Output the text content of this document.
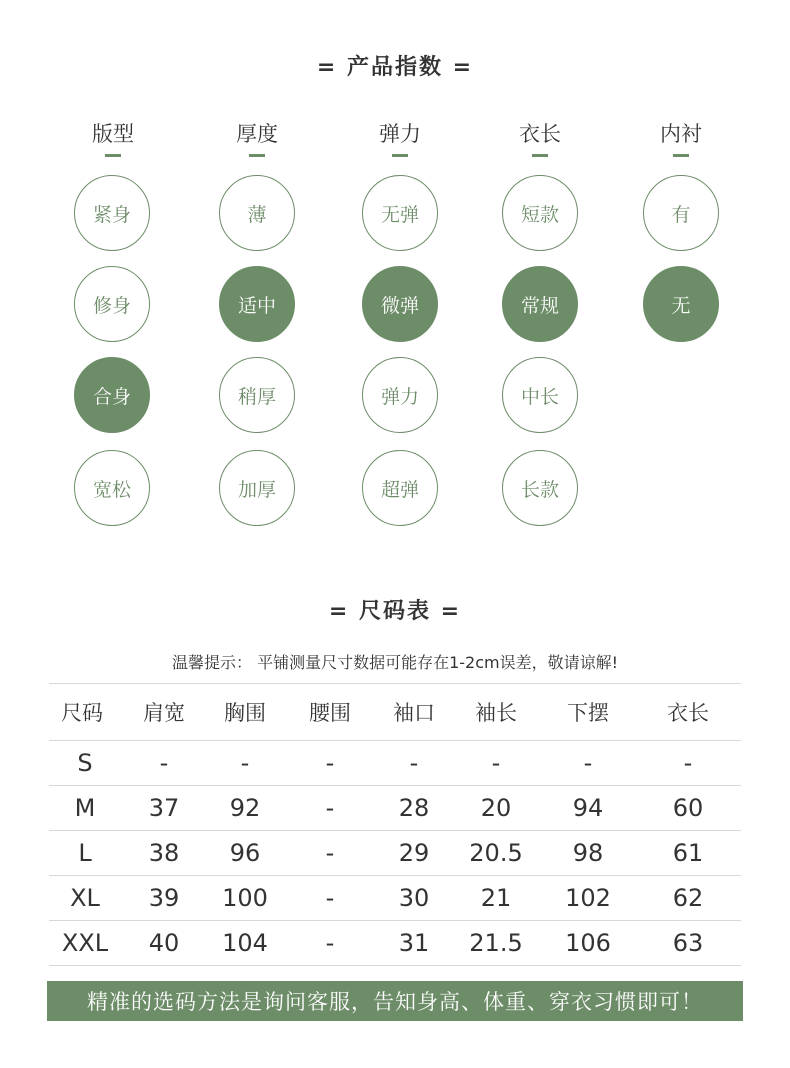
= 产品指数 =
版型
紧身
修身
合身
宽松
厚度
薄
适中
稍厚
加厚
弹力
无弹
微弹
弹力
超弹
衣长
短款
常规
中长
长款
内衬
有
无
= 尺码表 =
温馨提示： 平铺测量尺寸数据可能存在1-2cm误差，敬请谅解!
尺码	肩宽	胸围	腰围	袖口	袖长	下摆	衣长
S	-	-	-	-	-	-	-
M	37	92	-	28	20	94	60
L	38	96	-	29	20.5	98	61
XL	39	100	-	30	21	102	62
XXL	40	104	-	31	21.5	106	63
精准的选码方法是询问客服，告知身高、体重、穿衣习惯即可！
